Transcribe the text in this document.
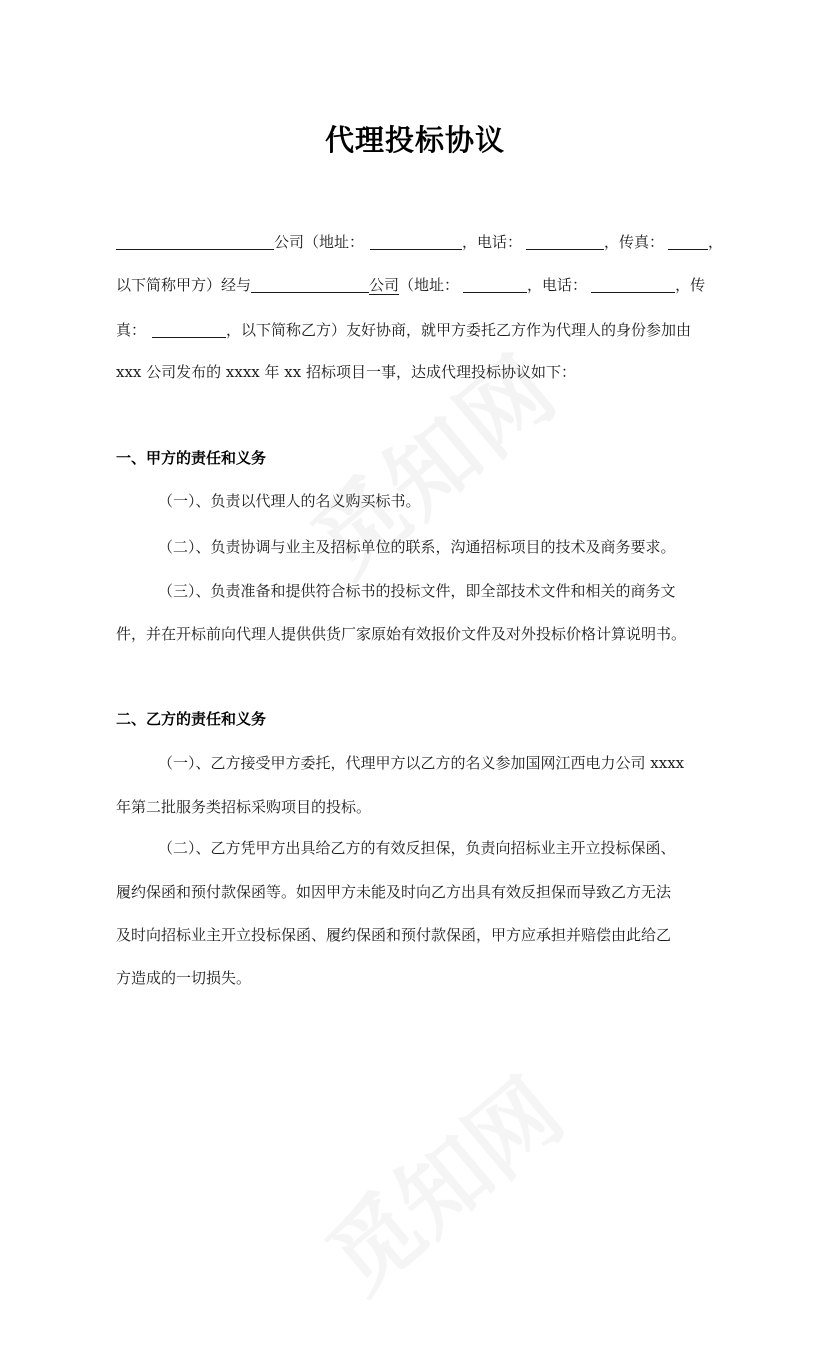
代理投标协议
公司（地址：	，电话：	，传真：	，
以下简称甲方）经与	公司（地址：	，电话：	，传
真：	，以下简称乙方）友好协商，就甲方委托乙方作为代理人的身份参加由
xxx 公司发布的 xxxx 年 xx 招标项目一事，达成代理投标协议如下：
一、甲方的责任和义务
（一）、负责以代理人的名义购买标书。
（二）、负责协调与业主及招标单位的联系，沟通招标项目的技术及商务要求。
（三）、负责准备和提供符合标书的投标文件，即全部技术文件和相关的商务文
件，并在开标前向代理人提供供货厂家原始有效报价文件及对外投标价格计算说明书。
二、乙方的责任和义务
（一）、乙方接受甲方委托，代理甲方以乙方的名义参加国网江西电力公司 xxxx
年第二批服务类招标采购项目的投标。
（二）、乙方凭甲方出具给乙方的有效反担保，负责向招标业主开立投标保函、
履约保函和预付款保函等。如因甲方未能及时向乙方出具有效反担保而导致乙方无法
及时向招标业主开立投标保函、履约保函和预付款保函，甲方应承担并赔偿由此给乙
方造成的一切损失。
